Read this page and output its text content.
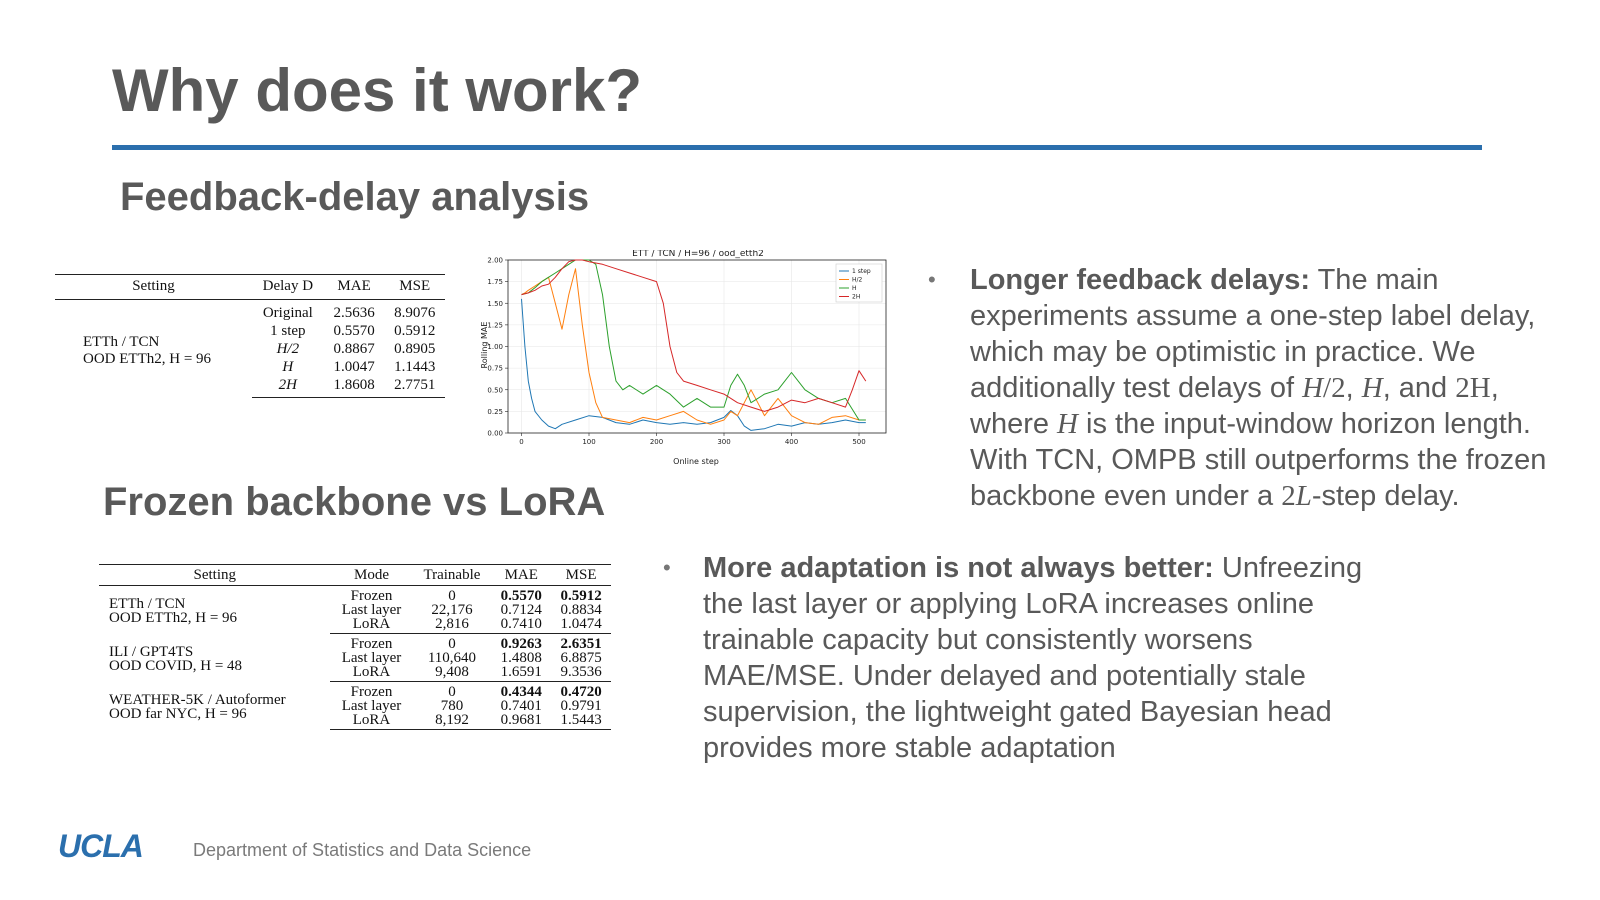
Why does it work?
Feedback-delay analysis
Setting	Delay D	MAE	MSE

ETTh / TCN
OOD ETTh2, H = 96	Original	2.5636	8.9076
	1 step	0.5570	0.5912
	H/2	0.8867	0.8905
	H	1.0047	1.1443
	2H	1.8608	2.7751
ETT / TCN / H=96 / ood_etth2
Online step
Rolling MAE
0	100	200	300	400	500
0.00
0.25
0.50
0.75
1.00
1.25
1.50
1.75
2.00
1 step
H/2
H
2H
• Longer feedback delays: The main experiments assume a one-step label delay, which may be optimistic in practice. We additionally test delays of H/2, H, and 2H, where H is the input-window horizon length. With TCN, OMPB still outperforms the frozen backbone even under a 2L-step delay.
Frozen backbone vs LoRA
Setting	Mode	Trainable	MAE	MSE

ETTh / TCN
OOD ETTh2, H = 96	Frozen	0	0.5570	0.5912
	Last layer	22,176	0.7124	0.8834
	LoRA	2,816	0.7410	1.0474

ILI / GPT4TS
OOD COVID, H = 48	Frozen	0	0.9263	2.6351
	Last layer	110,640	1.4808	6.8875
	LoRA	9,408	1.6591	9.3536

WEATHER-5K / Autoformer
OOD far NYC, H = 96	Frozen	0	0.4344	0.4720
	Last layer	780	0.7401	0.9791
	LoRA	8,192	0.9681	1.5443
• More adaptation is not always better: Unfreezing the last layer or applying LoRA increases online trainable capacity but consistently worsens MAE/MSE. Under delayed and potentially stale supervision, the lightweight gated Bayesian head provides more stable adaptation
UCLA	Department of Statistics and Data Science
